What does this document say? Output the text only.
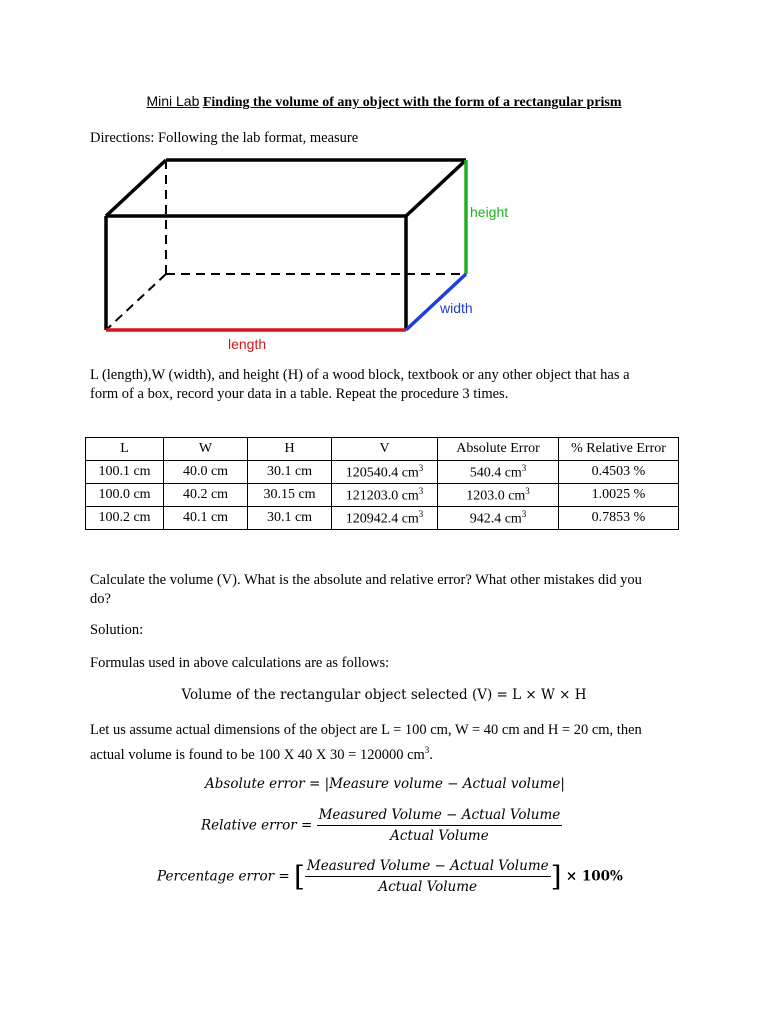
Mini Lab Finding the volume of any object with the form of a rectangular prism
Directions: Following the lab format, measure
height
width
length
L (length),W (width), and height (H) of a wood block, textbook or any other object that has a
form of a box, record your data in a table. Repeat the procedure 3 times.
L	W	H	V	Absolute Error	% Relative Error
100.1 cm	40.0 cm	30.1 cm	120540.4 $cm^3$	540.4 $cm^3$	0.4503 %
100.0 cm	40.2 cm	30.15 cm	121203.0 $cm^3$	1203.0 $cm^3$	1.0025 %
100.2 cm	40.1 cm	30.1 cm	120942.4 $cm^3$	942.4 $cm^3$	0.7853 %
Calculate the volume (V). What is the absolute and relative error? What other mistakes did you
do?
Solution:
Formulas used in above calculations are as follows:
Volume of the rectangular object selected (V) = L × W × H
Let us assume actual dimensions of the object are L = 100 cm, W = 40 cm and H = 20 cm, then
actual volume is found to be 100 X 40 X 30 = 120000 $cm^3$.
Absolute error = |Measure volume − Actual volume|
Relative error = $\frac{\text{Measured Volume − Actual Volume}}{\text{Actual Volume}}$
Percentage error = [ $\frac{\text{Measured Volume − Actual Volume}}{\text{Actual Volume}}$ ] × 100%
